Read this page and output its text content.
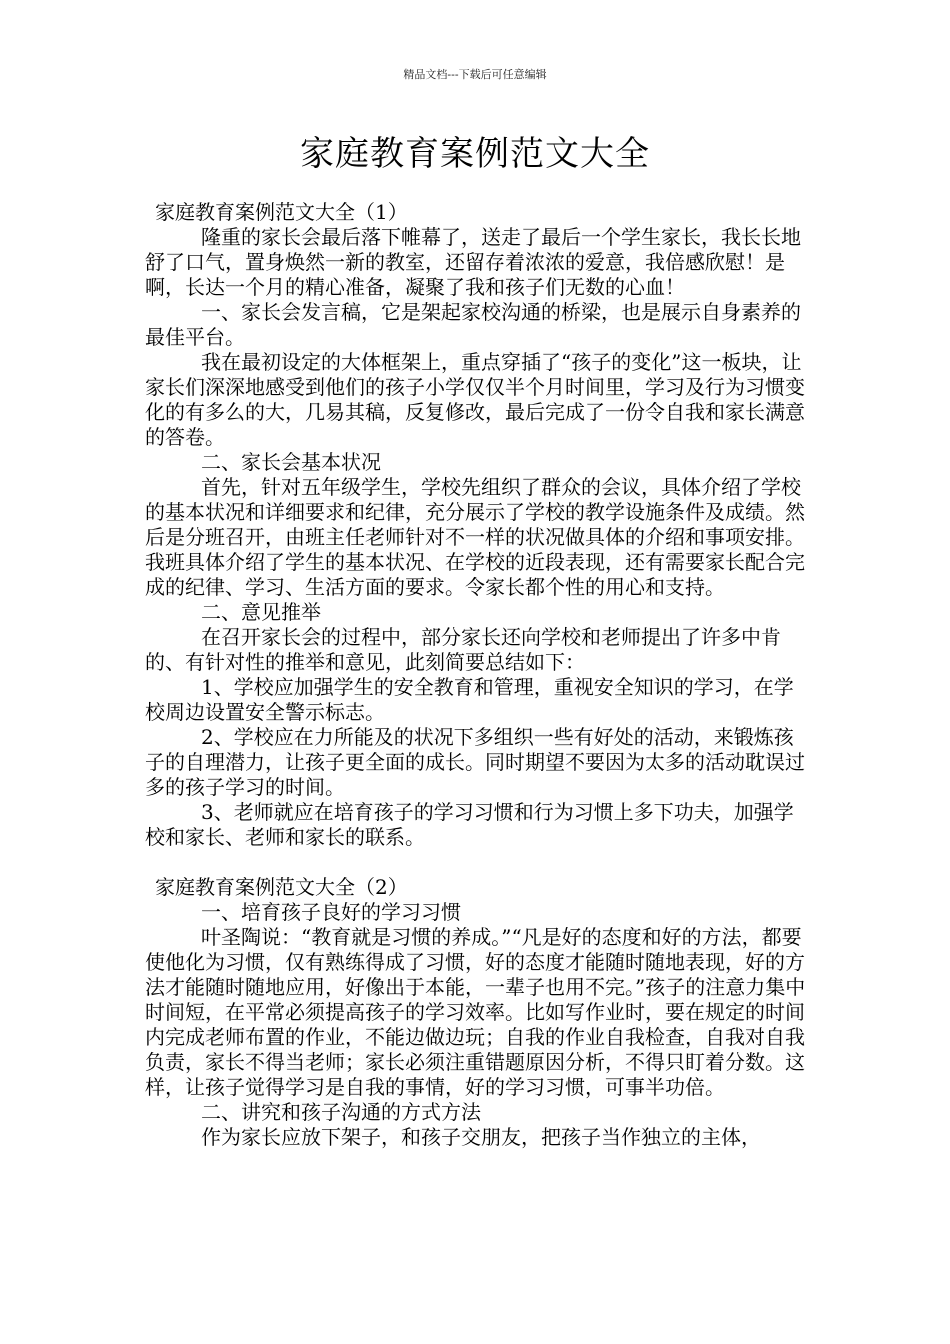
精品文档---下载后可任意编辑
家庭教育案例范文大全

家庭教育案例范文大全（1）

隆重的家长会最后落下帷幕了，送走了最后一个学生家长，我长长地舒了口气，置身焕然一新的教室，还留存着浓浓的爱意，我倍感欣慰！是啊，长达一个月的精心准备，凝聚了我和孩子们无数的心血！

一、家长会发言稿，它是架起家校沟通的桥梁，也是展示自身素养的最佳平台。

我在最初设定的大体框架上，重点穿插了“孩子的变化”这一板块，让家长们深深地感受到他们的孩子小学仅仅半个月时间里，学习及行为习惯变化的有多么的大，几易其稿，反复修改，最后完成了一份令自我和家长满意的答卷。

二、家长会基本状况

首先，针对五年级学生，学校先组织了群众的会议，具体介绍了学校的基本状况和详细要求和纪律，充分展示了学校的教学设施条件及成绩。然后是分班召开，由班主任老师针对不一样的状况做具体的介绍和事项安排。我班具体介绍了学生的基本状况、在学校的近段表现，还有需要家长配合完成的纪律、学习、生活方面的要求。令家长都个性的用心和支持。

二、意见推举

在召开家长会的过程中，部分家长还向学校和老师提出了许多中肯的、有针对性的推举和意见，此刻简要总结如下：

1、学校应加强学生的安全教育和管理，重视安全知识的学习，在学校周边设置安全警示标志。

2、学校应在力所能及的状况下多组织一些有好处的活动，来锻炼孩子的自理潜力，让孩子更全面的成长。同时期望不要因为太多的活动耽误过多的孩子学习的时间。

3、老师就应在培育孩子的学习习惯和行为习惯上多下功夫，加强学校和家长、老师和家长的联系。

家庭教育案例范文大全（2）

一、培育孩子良好的学习习惯

叶圣陶说：“教育就是习惯的养成。”“凡是好的态度和好的方法，都要使他化为习惯，仅有熟练得成了习惯，好的态度才能随时随地表现，好的方法才能随时随地应用，好像出于本能，一辈子也用不完。”孩子的注意力集中时间短，在平常必须提高孩子的学习效率。比如写作业时，要在规定的时间内完成老师布置的作业，不能边做边玩；自我的作业自我检查，自我对自我负责，家长不得当老师；家长必须注重错题原因分析，不得只盯着分数。这样，让孩子觉得学习是自我的事情，好的学习习惯，可事半功倍。

二、讲究和孩子沟通的方式方法

作为家长应放下架子，和孩子交朋友，把孩子当作独立的主体，
